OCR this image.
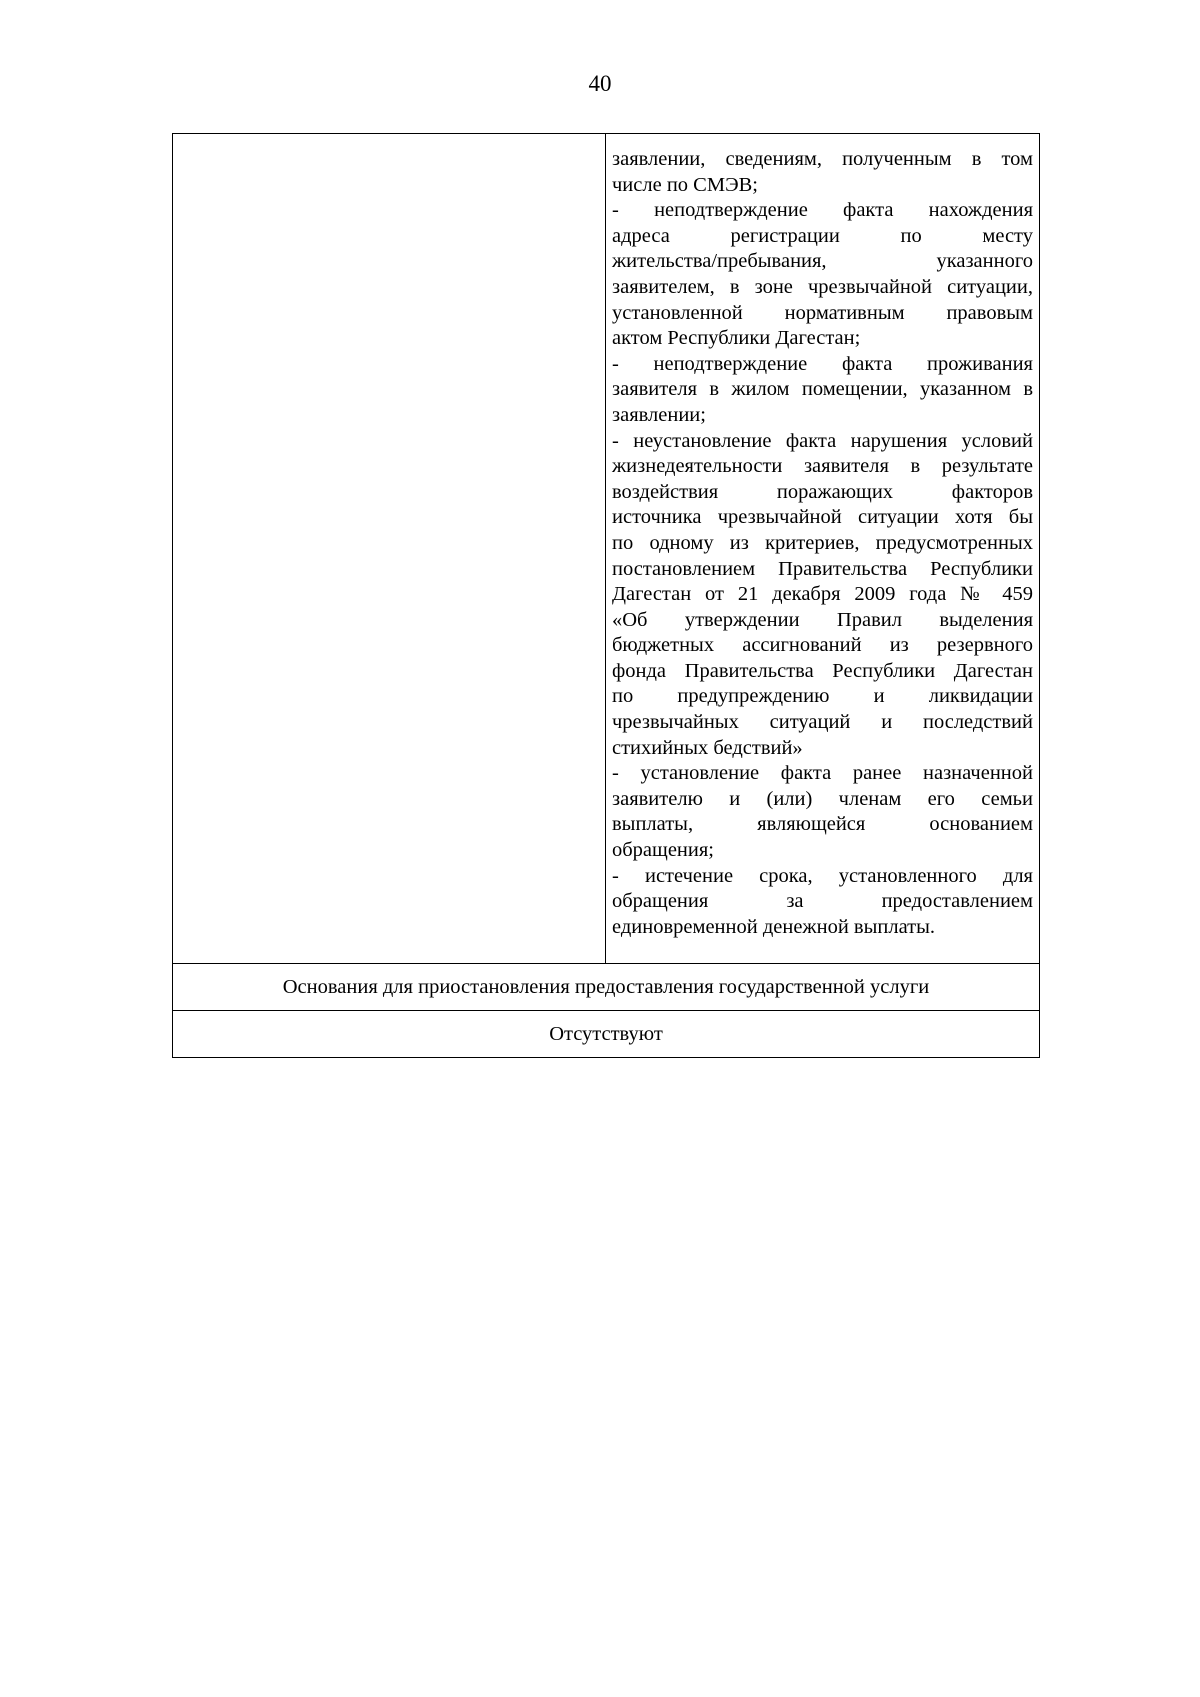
40

заявлении, сведениям, полученным в том
числе по СМЭВ;
- неподтверждение факта нахождения
адреса регистрации по месту
жительства/пребывания, указанного
заявителем, в зоне чрезвычайной ситуации,
установленной нормативным правовым
актом Республики Дагестан;
- неподтверждение факта проживания
заявителя в жилом помещении, указанном в
заявлении;
- неустановление факта нарушения условий
жизнедеятельности заявителя в результате
воздействия поражающих факторов
источника чрезвычайной ситуации хотя бы
по одному из критериев, предусмотренных
постановлением Правительства Республики
Дагестан от 21 декабря 2009 года № 459
«Об утверждении Правил выделения
бюджетных ассигнований из резервного
фонда Правительства Республики Дагестан
по предупреждению и ликвидации
чрезвычайных ситуаций и последствий
стихийных бедствий»
- установление факта ранее назначенной
заявителю и (или) членам его семьи
выплаты, являющейся основанием
обращения;
- истечение срока, установленного для
обращения за предоставлением
единовременной денежной выплаты.

Основания для приостановления предоставления государственной услуги
Отсутствуют
